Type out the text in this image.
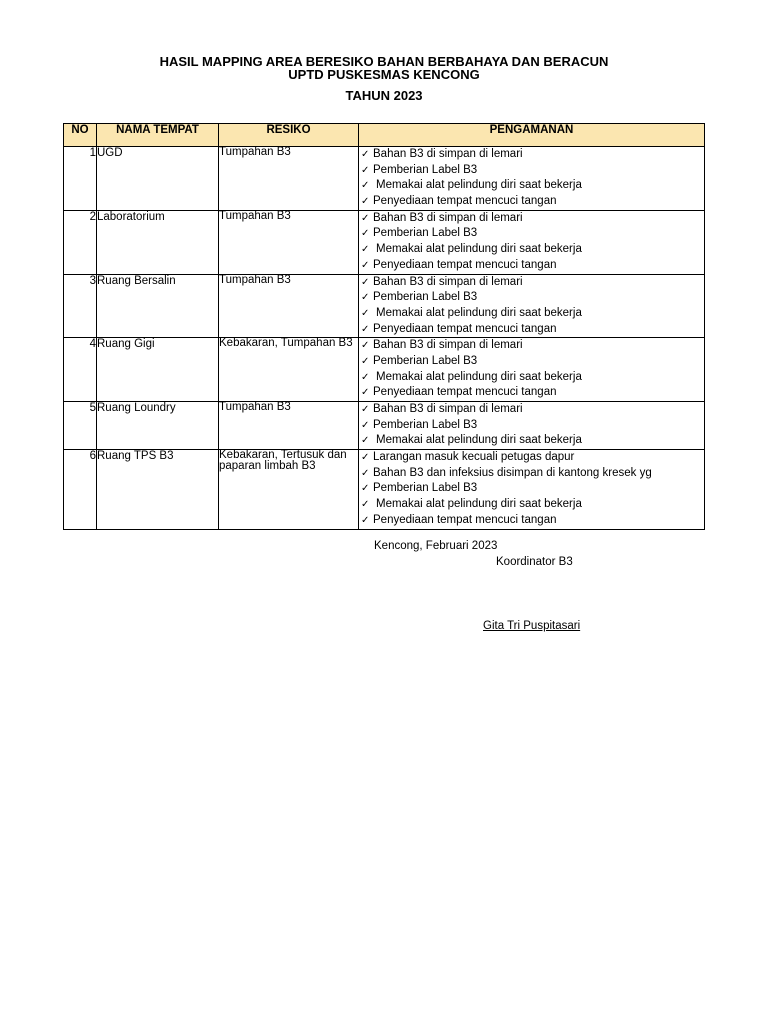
HASIL MAPPING AREA BERESIKO BAHAN BERBAHAYA DAN BERACUN
UPTD PUSKESMAS KENCONG
TAHUN 2023
NO	NAMA TEMPAT	RESIKO	PENGAMANAN
1	UGD	Tumpahan B3	✓ Bahan B3 di simpan di lemari
✓ Pemberian Label B3
✓ Memakai alat pelindung diri saat bekerja
✓ Penyediaan tempat mencuci tangan

2	Laboratorium	Tumpahan B3	✓ Bahan B3 di simpan di lemari
✓ Pemberian Label B3
✓ Memakai alat pelindung diri saat bekerja
✓ Penyediaan tempat mencuci tangan

3	Ruang Bersalin	Tumpahan B3	✓ Bahan B3 di simpan di lemari
✓ Pemberian Label B3
✓ Memakai alat pelindung diri saat bekerja
✓ Penyediaan tempat mencuci tangan

4	Ruang Gigi	Kebakaran, Tumpahan B3	✓ Bahan B3 di simpan di lemari
✓ Pemberian Label B3
✓ Memakai alat pelindung diri saat bekerja
✓ Penyediaan tempat mencuci tangan

5	Ruang Loundry	Tumpahan B3	✓ Bahan B3 di simpan di lemari
✓ Pemberian Label B3
✓ Memakai alat pelindung diri saat bekerja

6	Ruang TPS B3	Kebakaran, Tertusuk dan paparan limbah B3	✓ Larangan masuk kecuali petugas dapur
✓ Bahan B3 dan infeksius disimpan di kantong kresek yg
✓ Pemberian Label B3
✓ Memakai alat pelindung diri saat bekerja
✓ Penyediaan tempat mencuci tangan
Kencong, Februari 2023
Koordinator B3
Gita Tri Puspitasari
